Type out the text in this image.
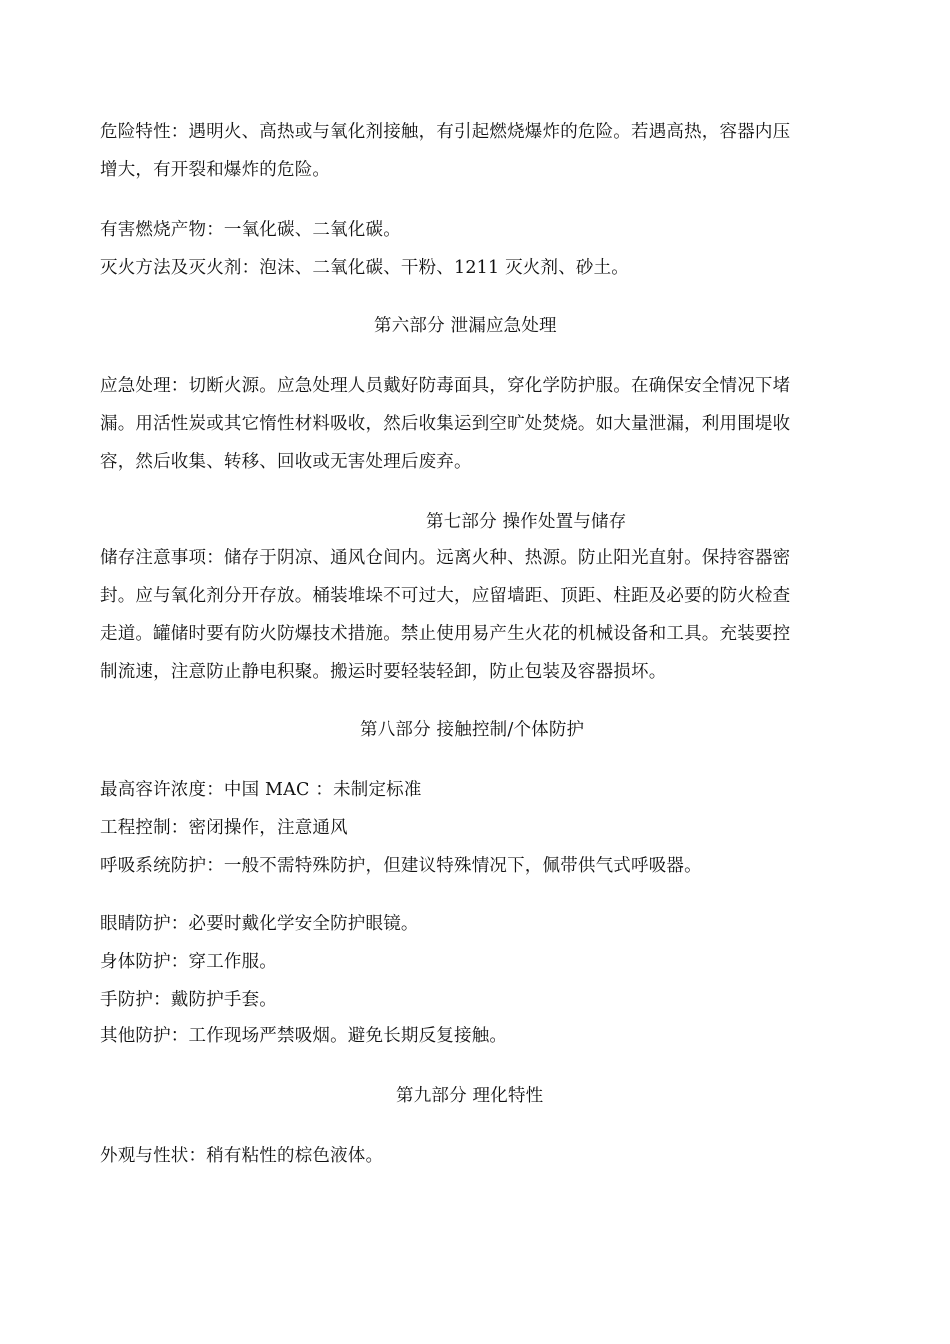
危险特性：遇明火、高热或与氧化剂接触，有引起燃烧爆炸的危险。若遇高热，容器内压
增大，有开裂和爆炸的危险。
有害燃烧产物：一氧化碳、二氧化碳。
灭火方法及灭火剂：泡沫、二氧化碳、干粉、1211 灭火剂、砂土。
第六部分 泄漏应急处理
应急处理：切断火源。应急处理人员戴好防毒面具，穿化学防护服。在确保安全情况下堵
漏。用活性炭或其它惰性材料吸收，然后收集运到空旷处焚烧。如大量泄漏，利用围堤收
容，然后收集、转移、回收或无害处理后废弃。
第七部分 操作处置与储存
储存注意事项：储存于阴凉、通风仓间内。远离火种、热源。防止阳光直射。保持容器密
封。应与氧化剂分开存放。桶装堆垛不可过大，应留墙距、顶距、柱距及必要的防火检查
走道。罐储时要有防火防爆技术措施。禁止使用易产生火花的机械设备和工具。充装要控
制流速，注意防止静电积聚。搬运时要轻装轻卸，防止包装及容器损坏。
第八部分 接触控制/个体防护
最高容许浓度：中国 MAC ：未制定标准
工程控制：密闭操作，注意通风
呼吸系统防护：一般不需特殊防护，但建议特殊情况下，佩带供气式呼吸器。
眼睛防护：必要时戴化学安全防护眼镜。
身体防护：穿工作服。
手防护：戴防护手套。
其他防护：工作现场严禁吸烟。避免长期反复接触。
第九部分 理化特性
外观与性状：稍有粘性的棕色液体。
